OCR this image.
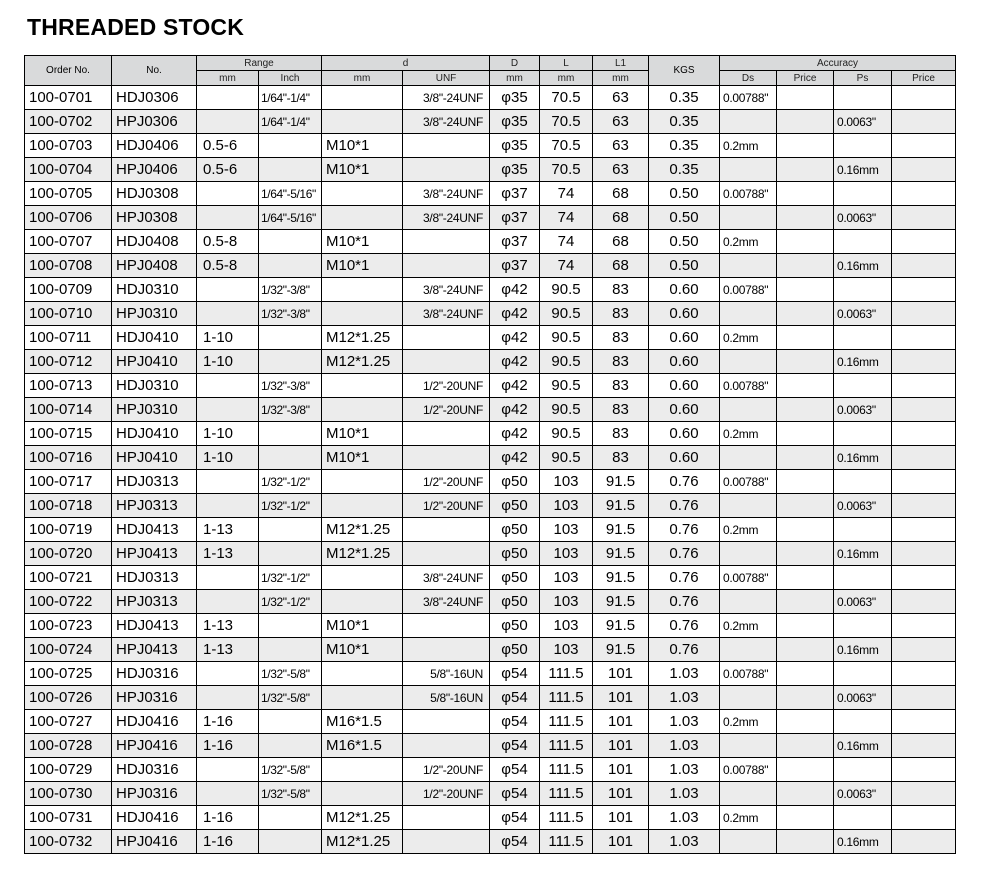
THREADED STOCK
Order No.	No.	Range		d		D	L	L1	KGS	Accuracy			
		mm	Inch	mm	UNF	mm	mm	mm		Ds	Price	Ps	Price
100-0701	HDJ0306		1/64"-1/4"		3/8"-24UNF	φ35	70.5	63	0.35	0.00788"			
100-0702	HPJ0306		1/64"-1/4"		3/8"-24UNF	φ35	70.5	63	0.35			0.0063"	
100-0703	HDJ0406	0.5-6		M10*1		φ35	70.5	63	0.35	0.2mm			
100-0704	HPJ0406	0.5-6		M10*1		φ35	70.5	63	0.35			0.16mm	
100-0705	HDJ0308		1/64"-5/16"		3/8"-24UNF	φ37	74	68	0.50	0.00788"			
100-0706	HPJ0308		1/64"-5/16"		3/8"-24UNF	φ37	74	68	0.50			0.0063"	
100-0707	HDJ0408	0.5-8		M10*1		φ37	74	68	0.50	0.2mm			
100-0708	HPJ0408	0.5-8		M10*1		φ37	74	68	0.50			0.16mm	
100-0709	HDJ0310		1/32"-3/8"		3/8"-24UNF	φ42	90.5	83	0.60	0.00788"			
100-0710	HPJ0310		1/32"-3/8"		3/8"-24UNF	φ42	90.5	83	0.60			0.0063"	
100-0711	HDJ0410	1-10		M12*1.25		φ42	90.5	83	0.60	0.2mm			
100-0712	HPJ0410	1-10		M12*1.25		φ42	90.5	83	0.60			0.16mm	
100-0713	HDJ0310		1/32"-3/8"		1/2"-20UNF	φ42	90.5	83	0.60	0.00788"			
100-0714	HPJ0310		1/32"-3/8"		1/2"-20UNF	φ42	90.5	83	0.60			0.0063"	
100-0715	HDJ0410	1-10		M10*1		φ42	90.5	83	0.60	0.2mm			
100-0716	HPJ0410	1-10		M10*1		φ42	90.5	83	0.60			0.16mm	
100-0717	HDJ0313		1/32"-1/2"		1/2"-20UNF	φ50	103	91.5	0.76	0.00788"			
100-0718	HPJ0313		1/32"-1/2"		1/2"-20UNF	φ50	103	91.5	0.76			0.0063"	
100-0719	HDJ0413	1-13		M12*1.25		φ50	103	91.5	0.76	0.2mm			
100-0720	HPJ0413	1-13		M12*1.25		φ50	103	91.5	0.76			0.16mm	
100-0721	HDJ0313		1/32"-1/2"		3/8"-24UNF	φ50	103	91.5	0.76	0.00788"			
100-0722	HPJ0313		1/32"-1/2"		3/8"-24UNF	φ50	103	91.5	0.76			0.0063"	
100-0723	HDJ0413	1-13		M10*1		φ50	103	91.5	0.76	0.2mm			
100-0724	HPJ0413	1-13		M10*1		φ50	103	91.5	0.76			0.16mm	
100-0725	HDJ0316		1/32"-5/8"		5/8"-16UN	φ54	111.5	101	1.03	0.00788"			
100-0726	HPJ0316		1/32"-5/8"		5/8"-16UN	φ54	111.5	101	1.03			0.0063"	
100-0727	HDJ0416	1-16		M16*1.5		φ54	111.5	101	1.03	0.2mm			
100-0728	HPJ0416	1-16		M16*1.5		φ54	111.5	101	1.03			0.16mm	
100-0729	HDJ0316		1/32"-5/8"		1/2"-20UNF	φ54	111.5	101	1.03	0.00788"			
100-0730	HPJ0316		1/32"-5/8"		1/2"-20UNF	φ54	111.5	101	1.03			0.0063"	
100-0731	HDJ0416	1-16		M12*1.25		φ54	111.5	101	1.03	0.2mm			
100-0732	HPJ0416	1-16		M12*1.25		φ54	111.5	101	1.03			0.16mm	
